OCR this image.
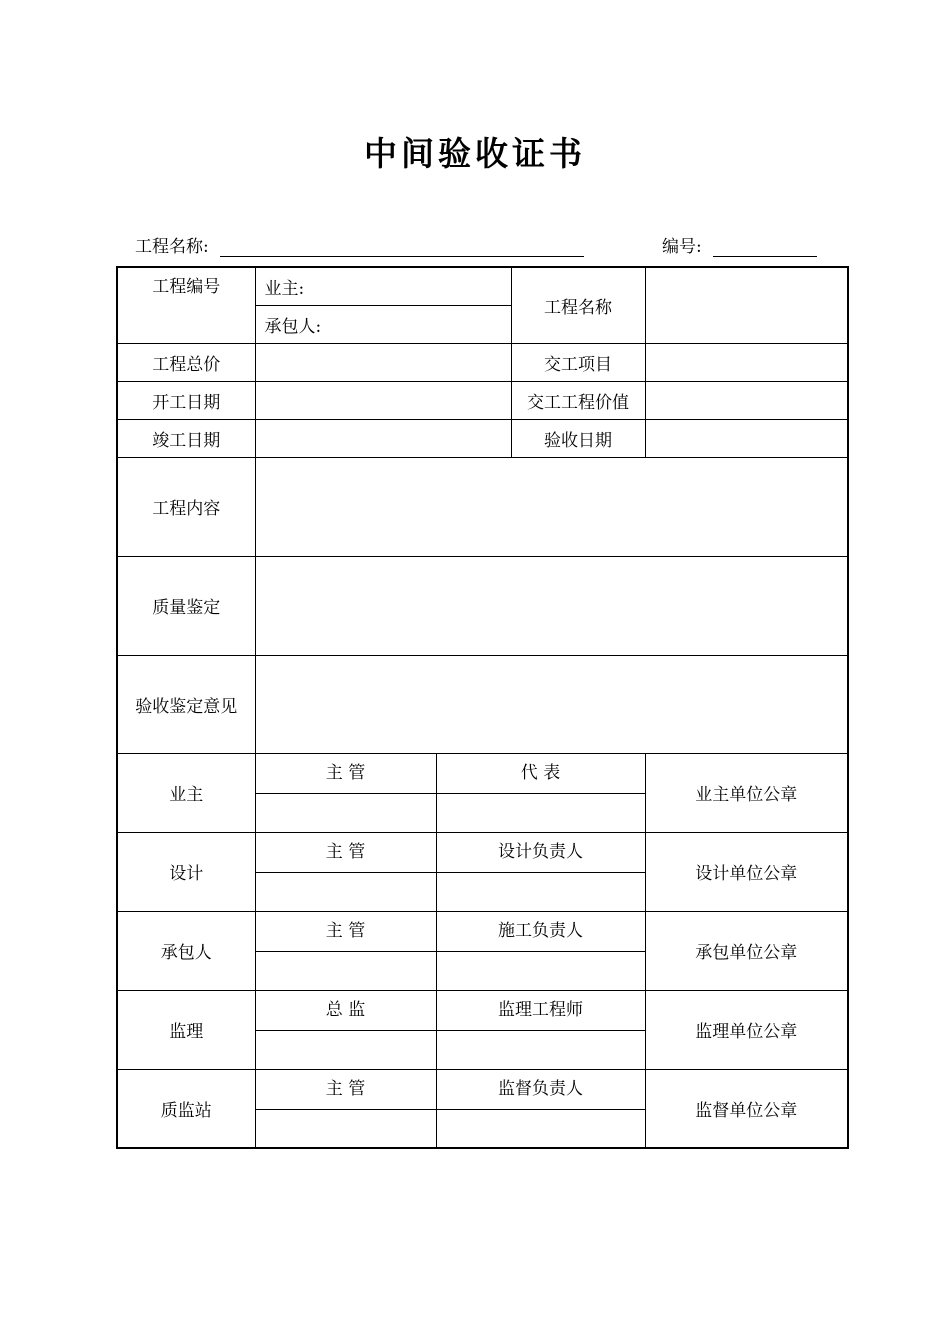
中间验收证书
工程名称:	编号:
工程编号	业主:		工程名称	
	承包人:			
工程总价			交工项目	
开工日期			交工工程价值	
竣工日期			验收日期	
工程内容				
质量鉴定				
验收鉴定意见				
业主	主 管	代 表		业主单位公章

设计	主 管	设计负责人		设计单位公章

承包人	主 管	施工负责人		承包单位公章

监理	总 监	监理工程师		监理单位公章

质监站	主 管	监督负责人		监督单位公章
